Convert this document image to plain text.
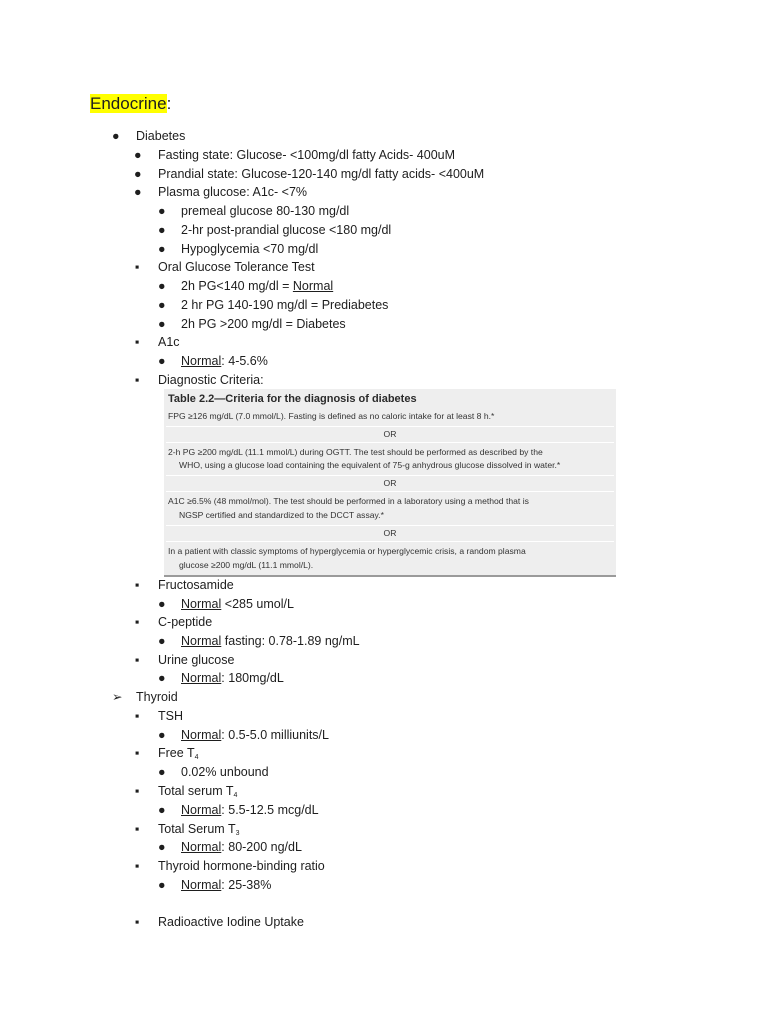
Endocrine:
● Diabetes
● Fasting state: Glucose- <100mg/dl fatty Acids- 400uM
● Prandial state: Glucose-120-140 mg/dl fatty acids- <400uM
● Plasma glucose: A1c- <7%
● premeal glucose 80-130 mg/dl
● 2-hr post-prandial glucose <180 mg/dl
● Hypoglycemia <70 mg/dl
▪ Oral Glucose Tolerance Test
● 2h PG<140 mg/dl = Normal
● 2 hr PG 140-190 mg/dl = Prediabetes
● 2h PG >200 mg/dl = Diabetes
▪ A1c
● Normal: 4-5.6%
▪ Diagnostic Criteria:
Table 2.2—Criteria for the diagnosis of diabetes
FPG ≥126 mg/dL (7.0 mmol/L). Fasting is defined as no caloric intake for at least 8 h.*
OR
2-h PG ≥200 mg/dL (11.1 mmol/L) during OGTT. The test should be performed as described by the
WHO, using a glucose load containing the equivalent of 75-g anhydrous glucose dissolved in water.*
OR
A1C ≥6.5% (48 mmol/mol). The test should be performed in a laboratory using a method that is
NGSP certified and standardized to the DCCT assay.*
OR
In a patient with classic symptoms of hyperglycemia or hyperglycemic crisis, a random plasma
glucose ≥200 mg/dL (11.1 mmol/L).
▪ Fructosamide
● Normal <285 umol/L
▪ C-peptide
● Normal fasting: 0.78-1.89 ng/mL
▪ Urine glucose
● Normal: 180mg/dL
➢ Thyroid
▪ TSH
● Normal: 0.5-5.0 milliunits/L
▪ Free $T_4$
● 0.02% unbound
▪ Total serum $T_4$
● Normal: 5.5-12.5 mcg/dL
▪ Total Serum $T_3$
● Normal: 80-200 ng/dL
▪ Thyroid hormone-binding ratio
● Normal: 25-38%
▪ Radioactive Iodine Uptake
